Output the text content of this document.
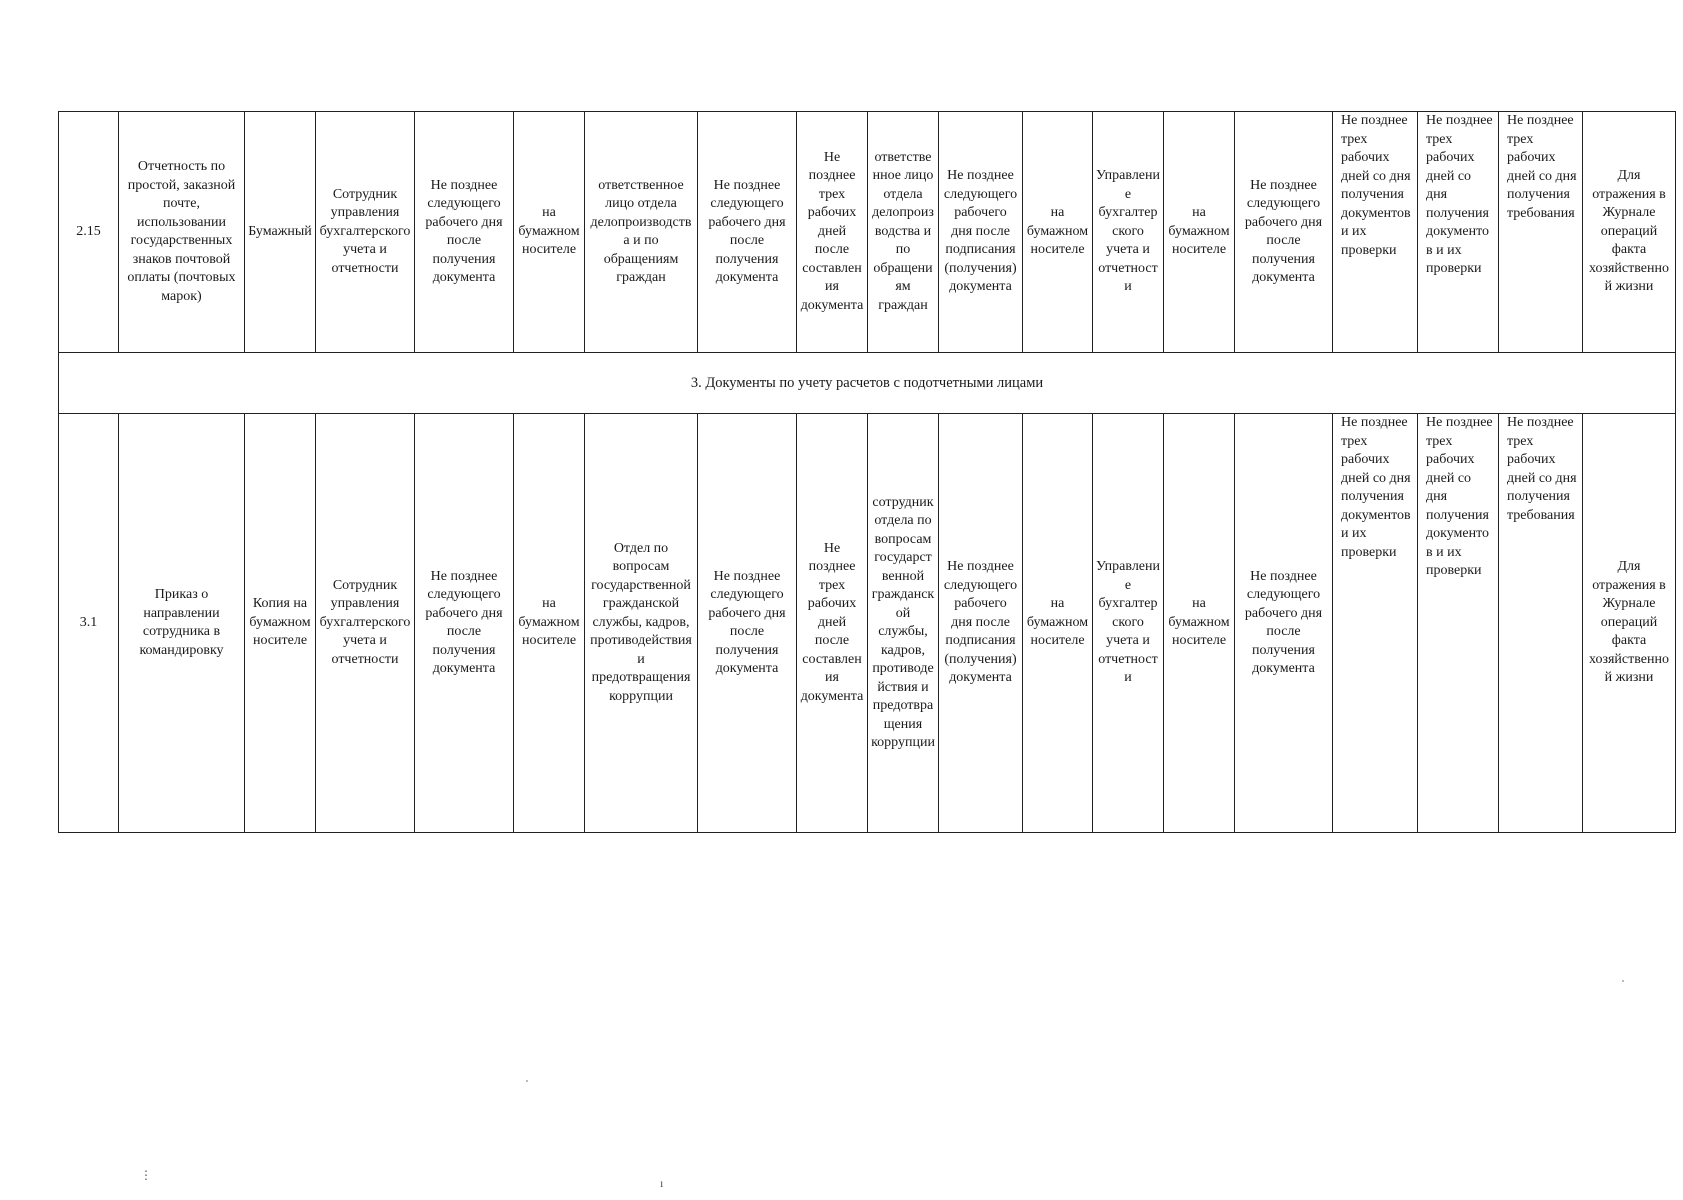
2.15	Отчетность по простой, заказной почте, использовании государственных знаков почтовой оплаты (почтовых марок)	Бумажный	Сотрудник управления бухгалтерского учета и отчетности	Не позднее следующего рабочего дня после получения документа	на бумажном носителе	ответственное лицо отдела делопроизводства и по обращениям граждан	Не позднее следующего рабочего дня после получения документа	Не позднее трех рабочих дней после составления документа	ответственное лицо отдела делопроизводства и по обращениям граждан	Не позднее следующего рабочего дня после подписания (получения) документа	на бумажном носителе	Управление бухгалтерского учета и отчетности	на бумажном носителе	Не позднее следующего рабочего дня после получения документа	Не позднее трех рабочих дней со дня получения документов и их проверки	Не позднее трех рабочих дней со дня получения документов и их проверки	Не позднее трех рабочих дней со дня получения требования	Для отражения в Журнале операций факта хозяйственной жизни
3. Документы по учету расчетов с подотчетными лицами																		
3.1	Приказ о направлении сотрудника в командировку	Копия на бумажном носителе	Сотрудник управления бухгалтерского учета и отчетности	Не позднее следующего рабочего дня после получения документа	на бумажном носителе	Отдел по вопросам государственной гражданской службы, кадров, противодействия и предотвращения коррупции	Не позднее следующего рабочего дня после получения документа	Не позднее трех рабочих дней после составления документа	сотрудник отдела по вопросам государственной гражданской службы, кадров, противодействия и предотвращения коррупции	Не позднее следующего рабочего дня после подписания (получения) документа	на бумажном носителе	Управление бухгалтерского учета и отчетности	на бумажном носителе	Не позднее следующего рабочего дня после получения документа	Не позднее трех рабочих дней со дня получения документов и их проверки	Не позднее трех рабочих дней со дня получения документов и их проверки	Не позднее трех рабочих дней со дня получения требования	Для отражения в Журнале операций факта хозяйственной жизни
⋮
ı
